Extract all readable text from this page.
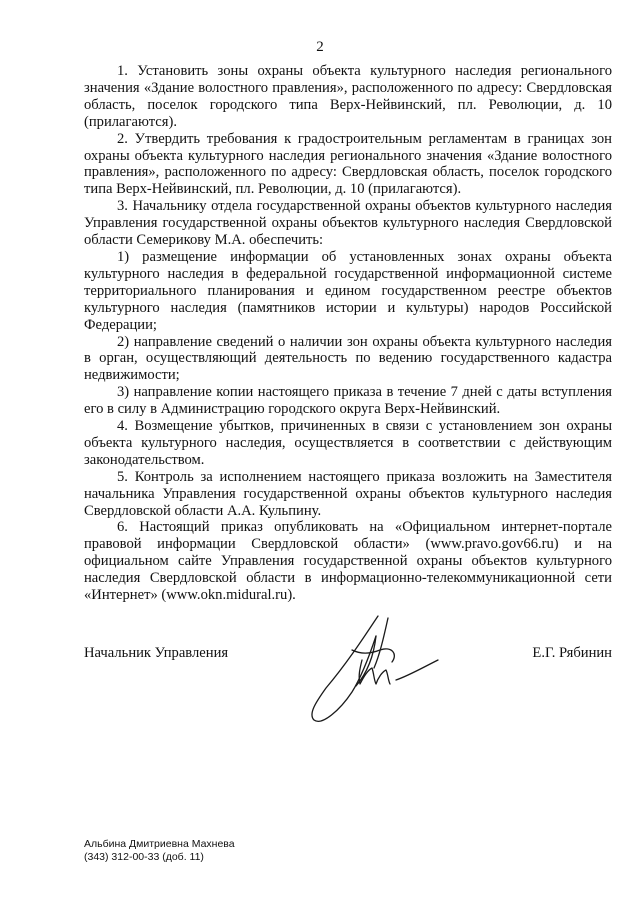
2

1. Установить зоны охраны объекта культурного наследия регионального значения «Здание волостного правления», расположенного по адресу: Свердловская область, поселок городского типа Верх-Нейвинский, пл. Революции, д. 10 (прилагаются).

2. Утвердить требования к градостроительным регламентам в границах зон охраны объекта культурного наследия регионального значения «Здание волостного правления», расположенного по адресу: Свердловская область, поселок городского типа Верх-Нейвинский, пл. Революции, д. 10 (прилагаются).

3. Начальнику отдела государственной охраны объектов культурного наследия Управления государственной охраны объектов культурного наследия Свердловской области Семерикову М.А. обеспечить:

1) размещение информации об установленных зонах охраны объекта культурного наследия в федеральной государственной информационной системе территориального планирования и едином государственном реестре объектов культурного наследия (памятников истории и культуры) народов Российской Федерации;

2) направление сведений о наличии зон охраны объекта культурного наследия в орган, осуществляющий деятельность по ведению государственного кадастра недвижимости;

3) направление копии настоящего приказа в течение 7 дней с даты вступления его в силу в Администрацию городского округа Верх-Нейвинский.

4. Возмещение убытков, причиненных в связи с установлением зон охраны объекта культурного наследия, осуществляется в соответствии с действующим законодательством.

5. Контроль за исполнением настоящего приказа возложить на Заместителя начальника Управления государственной охраны объектов культурного наследия Свердловской области А.А. Кульпину.

6. Настоящий приказ опубликовать на «Официальном интернет-портале правовой информации Свердловской области» (www.pravo.gov66.ru) и на официальном сайте Управления государственной охраны объектов культурного наследия Свердловской области в информационно-телекоммуникационной сети «Интернет» (www.okn.midural.ru).

Начальник Управления	Е.Г. Рябинин
Альбина Дмитриевна Махнева
(343) 312-00-33 (доб. 11)
